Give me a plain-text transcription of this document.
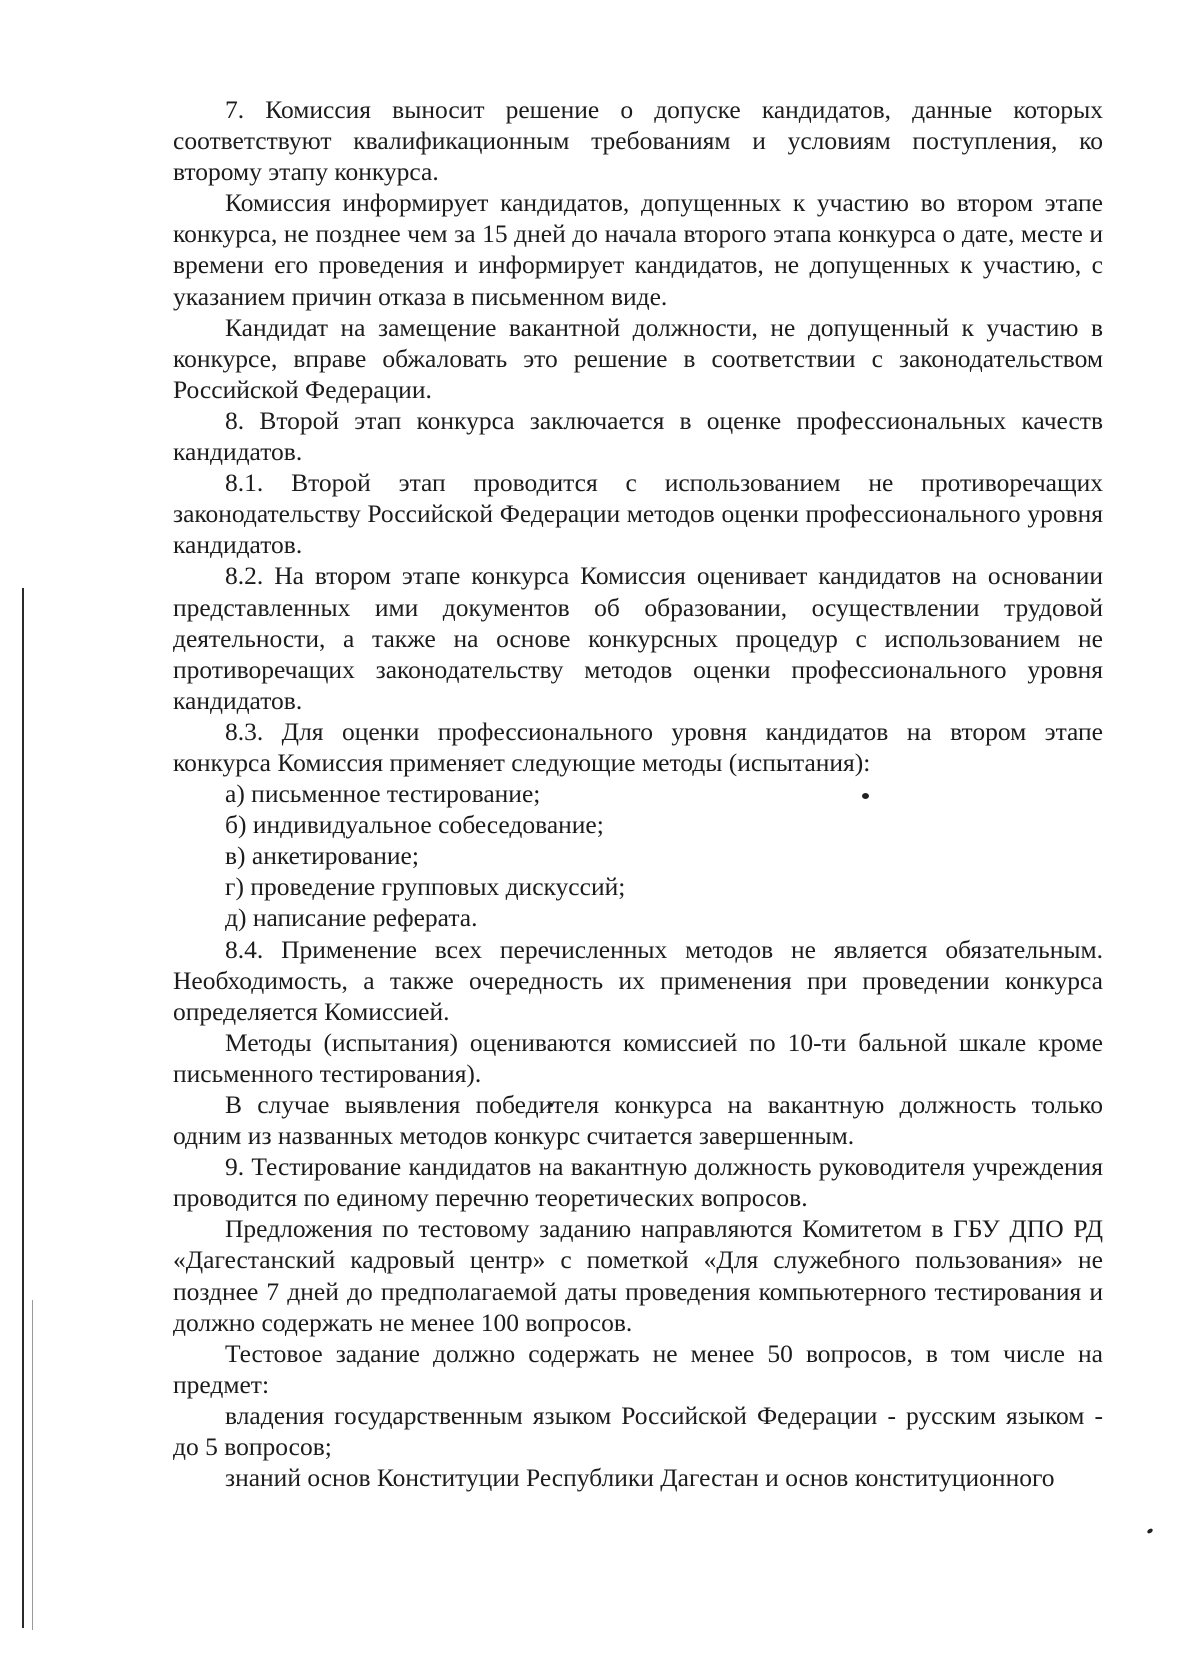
7. Комиссия выносит решение о допуске кандидатов, данные которых соответствуют квалификационным требованиям и условиям поступления, ко второму этапу конкурса.

Комиссия информирует кандидатов, допущенных к участию во втором этапе конкурса, не позднее чем за 15 дней до начала второго этапа конкурса о дате, месте и времени его проведения и информирует кандидатов, не допущенных к участию, с указанием причин отказа в письменном виде.

Кандидат на замещение вакантной должности, не допущенный к участию в конкурсе, вправе обжаловать это решение в соответствии с законодательством Российской Федерации.

8. Второй этап конкурса заключается в оценке профессиональных качеств кандидатов.

8.1. Второй этап проводится с использованием не противоречащих законодательству Российской Федерации методов оценки профессионального уровня кандидатов.

8.2. На втором этапе конкурса Комиссия оценивает кандидатов на основании представленных ими документов об образовании, осуществлении трудовой деятельности, а также на основе конкурсных процедур с использованием не противоречащих законодательству методов оценки профессионального уровня кандидатов.

8.3. Для оценки профессионального уровня кандидатов на втором этапе конкурса Комиссия применяет следующие методы (испытания):

а) письменное тестирование;

б) индивидуальное собеседование;

в) анкетирование;

г) проведение групповых дискуссий;

д) написание реферата.

8.4. Применение всех перечисленных методов не является обязательным. Необходимость, а также очередность их применения при проведении конкурса определяется Комиссией.

Методы (испытания) оцениваются комиссией по 10-ти бальной шкале кроме письменного тестирования).

В случае выявления победителя конкурса на вакантную должность только одним из названных методов конкурс считается завершенным.

9. Тестирование кандидатов на вакантную должность руководителя учреждения проводится по единому перечню теоретических вопросов.

Предложения по тестовому заданию направляются Комитетом в ГБУ ДПО РД «Дагестанский кадровый центр» с пометкой «Для служебного пользования» не позднее 7 дней до предполагаемой даты проведения компьютерного тестирования и должно содержать не менее 100 вопросов.

Тестовое задание должно содержать не менее 50 вопросов, в том числе на предмет:

владения государственным языком Российской Федерации - русским языком - до 5 вопросов;

знаний основ Конституции Республики Дагестан и основ конституционного
